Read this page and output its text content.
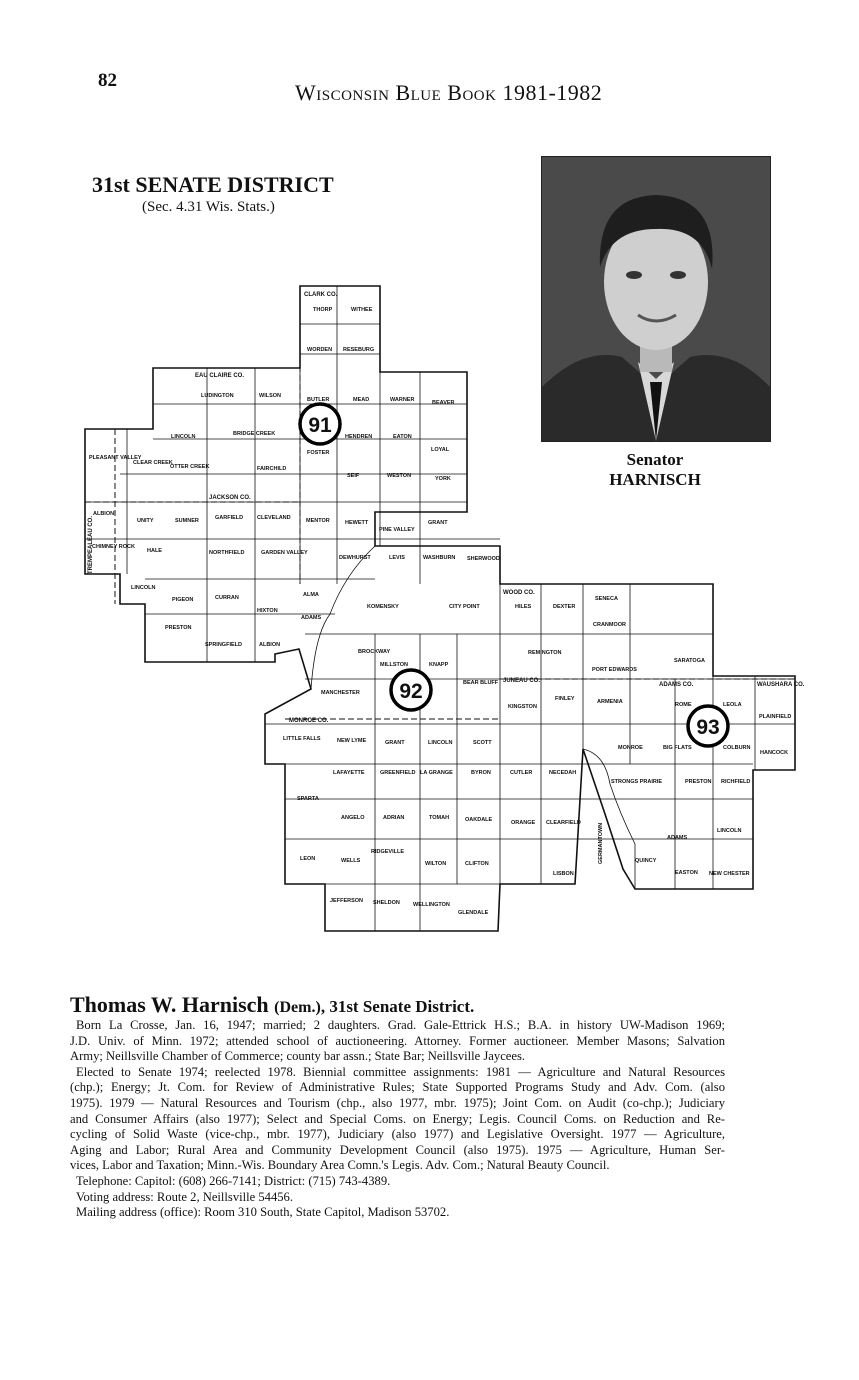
82	Wisconsin Blue Book 1981-1982
31st SENATE DISTRICT
(Sec. 4.31 Wis. Stats.)
Senator
HARNISCH
91
92
93
CLARK CO.
EAU CLAIRE CO.
JACKSON CO.
TREMPEALEAU CO.
WOOD CO.
JUNEAU CO.
ADAMS CO.	WAUSHARA CO.
MONROE CO.
THORP	WITHEE
WORDEN RESEBURG
LUDINGTON	WILSON
BUTLER	MEAD	WARNER	BEAVER
LINCOLN	BRIDGE CREEK	HENDREN	EATON
LOYAL
PLEASANT VALLEY
CLEAR CREEK
OTTER CREEK	FAIRCHILD
FOSTER
SEIF	WESTON	YORK
ALBION
UNITY	SUMNER	GARFIELD	CLEVELAND	MENTOR	HEWETT
PINE VALLEY
GRANT
CHIMNEY ROCK
HALE	NORTHFIELD	GARDEN VALLEY
DEWHURST	LEVIS	WASHBURN SHERWOOD
LINCOLN
PIGEON	CURRAN
HIXTON
ALMA
KOMENSKY	CITY POINT	HILES	DEXTER
SENECA
PRESTON
SPRINGFIELD	ALBION
ADAMS
CRANMOOR
BROCKWAY
MILLSTON	KNAPP
REMINGTON
SARATOGA
PORT EDWARDS
MANCHESTER
BEAR BLUFF
KINGSTON
FINLEY	ARMENIA	ROME	LEOLA
PLAINFIELD
LITTLE FALLS	NEW LYME	GRANT	LINCOLN	SCOTT
MONROE	BIG FLATS	COLBURN
HANCOCK
LAFAYETTE	GREENFIELD LA GRANGE	BYRON	CUTLER	NECEDAH
STRONGS PRAIRIE	PRESTON RICHFIELD
SPARTA
ANGELO	ADRIAN	TOMAH	OAKDALE	ORANGE CLEARFIELD	GERMANTOWN	ADAMS
LINCOLN
LEON	WELLS
RIDGEVILLE
WILTON	CLIFTON
LISBON
QUINCY
EASTON NEW CHESTER
JEFFERSON SHELDON WELLINGTON
GLENDALE
Thomas W. Harnisch (Dem.), 31st Senate District.
Born La Crosse, Jan. 16, 1947; married; 2 daughters. Grad. Gale-Ettrick H.S.; B.A. in history UW-Madison 1969;
J.D. Univ. of Minn. 1972; attended school of auctioneering. Attorney. Former auctioneer. Member Masons; Salvation
Army; Neillsville Chamber of Commerce; county bar assn.; State Bar; Neillsville Jaycees.
Elected to Senate 1974; reelected 1978. Biennial committee assignments: 1981 — Agriculture and Natural Resources
(chp.); Energy; Jt. Com. for Review of Administrative Rules; State Supported Programs Study and Adv. Com. (also
1975). 1979 — Natural Resources and Tourism (chp., also 1977, mbr. 1975); Joint Com. on Audit (co-chp.); Judiciary
and Consumer Affairs (also 1977); Select and Special Coms. on Energy; Legis. Council Coms. on Reduction and Re-
cycling of Solid Waste (vice-chp., mbr. 1977), Judiciary (also 1977) and Legislative Oversight. 1977 — Agriculture,
Aging and Labor; Rural Area and Community Development Council (also 1975). 1975 — Agriculture, Human Ser-
vices, Labor and Taxation; Minn.-Wis. Boundary Area Comn.'s Legis. Adv. Com.; Natural Beauty Council.
Telephone: Capitol: (608) 266-7141; District: (715) 743-4389.
Voting address: Route 2, Neillsville 54456.
Mailing address (office): Room 310 South, State Capitol, Madison 53702.
